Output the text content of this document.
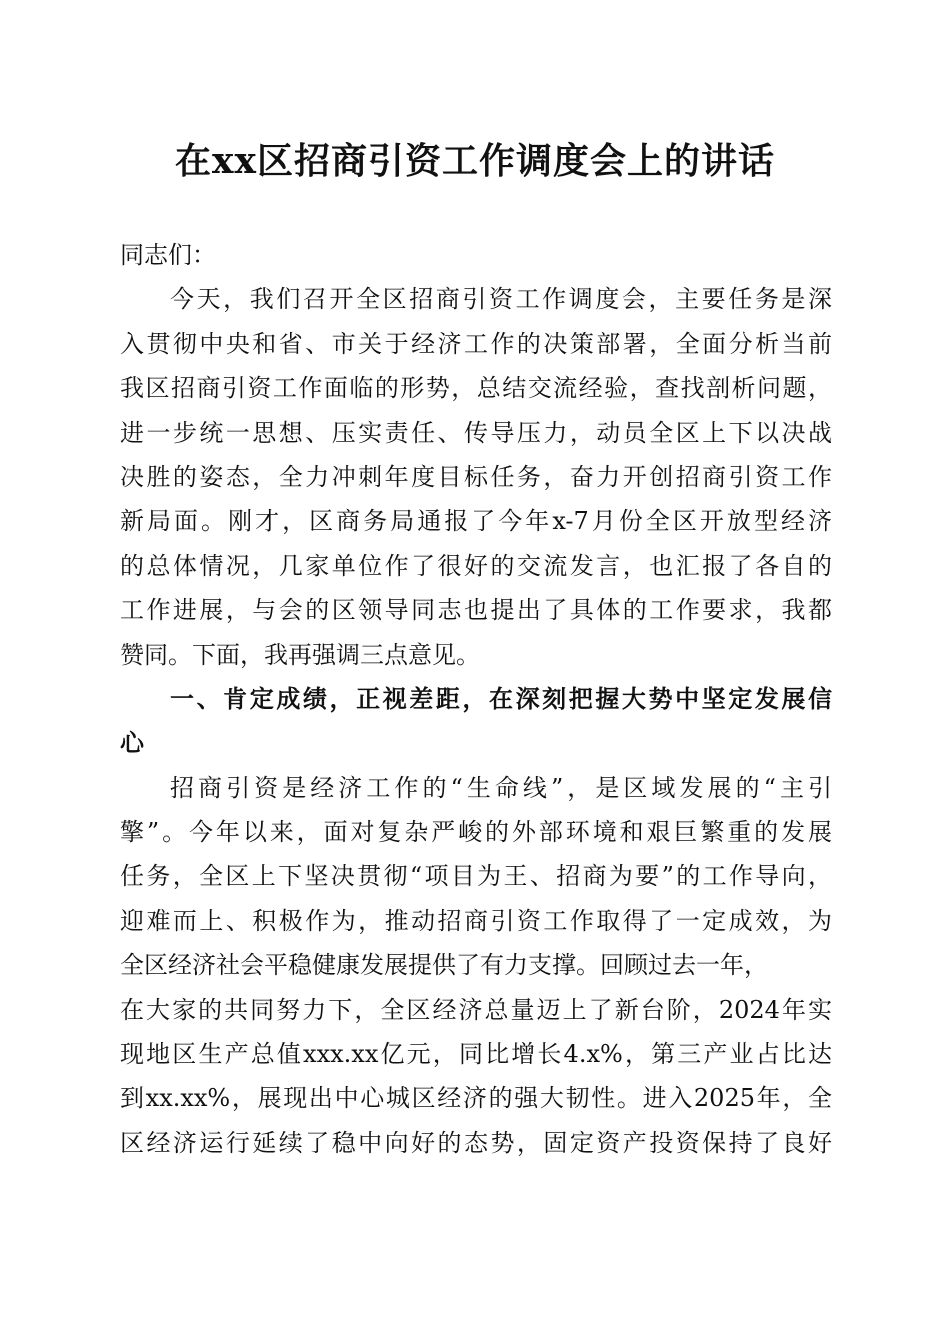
在xx区招商引资工作调度会上的讲话
同志们：
今天，我们召开全区招商引资工作调度会，主要任务是深
入贯彻中央和省、市关于经济工作的决策部署，全面分析当前
我区招商引资工作面临的形势，总结交流经验，查找剖析问题，
进一步统一思想、压实责任、传导压力，动员全区上下以决战
决胜的姿态，全力冲刺年度目标任务，奋力开创招商引资工作
新局面。刚才，区商务局通报了今年x-7月份全区开放型经济
的总体情况，几家单位作了很好的交流发言，也汇报了各自的
工作进展，与会的区领导同志也提出了具体的工作要求，我都
赞同。下面，我再强调三点意见。
一、肯定成绩，正视差距，在深刻把握大势中坚定发展信
心
招商引资是经济工作的“生命线”，是区域发展的“主引
擎”。今年以来，面对复杂严峻的外部环境和艰巨繁重的发展
任务，全区上下坚决贯彻“项目为王、招商为要”的工作导向，
迎难而上、积极作为，推动招商引资工作取得了一定成效，为
全区经济社会平稳健康发展提供了有力支撑。回顾过去一年，
在大家的共同努力下，全区经济总量迈上了新台阶，2024年实
现地区生产总值xxx.xx亿元，同比增长4.x%，第三产业占比达
到xx.xx%，展现出中心城区经济的强大韧性。进入2025年，全
区经济运行延续了稳中向好的态势，固定资产投资保持了良好
